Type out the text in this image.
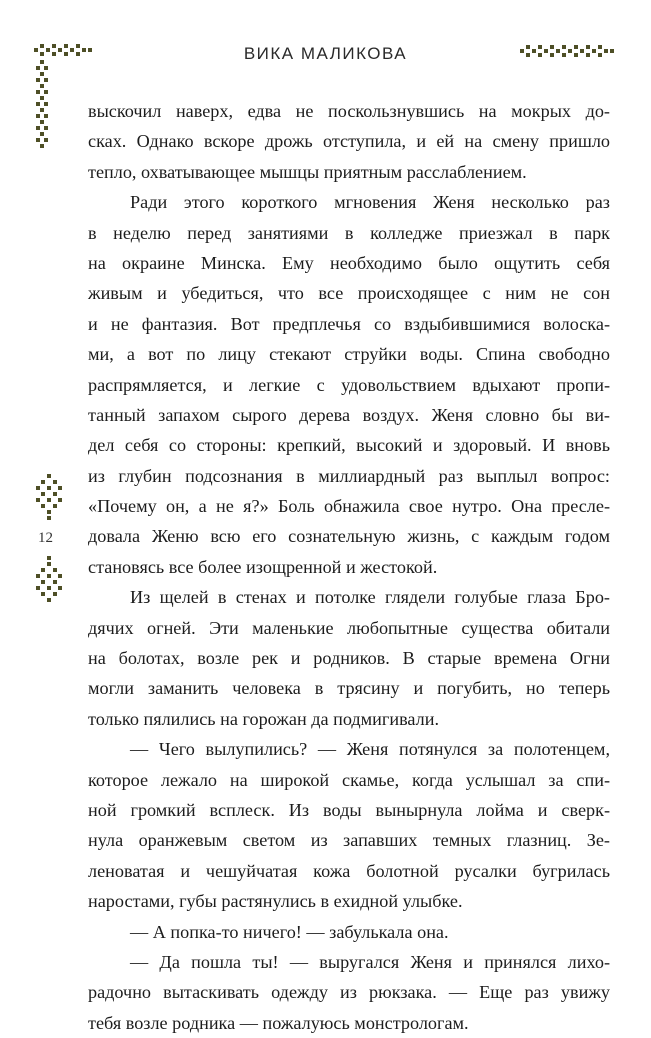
ВИКА МАЛИКОВА
12
выскочил наверх, едва не поскользнувшись на мокрых до-
сках. Однако вскоре дрожь отступила, и ей на смену пришло
тепло, охватывающее мышцы приятным расслаблением.
Ради этого короткого мгновения Женя несколько раз
в неделю перед занятиями в колледже приезжал в парк
на окраине Минска. Ему необходимо было ощутить себя
живым и убедиться, что все происходящее с ним не сон
и не фантазия. Вот предплечья со вздыбившимися волоска-
ми, а вот по лицу стекают струйки воды. Спина свободно
распрямляется, и легкие с удовольствием вдыхают пропи-
танный запахом сырого дерева воздух. Женя словно бы ви-
дел себя со стороны: крепкий, высокий и здоровый. И вновь
из глубин подсознания в миллиардный раз выплыл вопрос:
«Почему он, а не я?» Боль обнажила свое нутро. Она пресле-
довала Женю всю его сознательную жизнь, с каждым годом
становясь все более изощренной и жестокой.
Из щелей в стенах и потолке глядели голубые глаза Бро-
дячих огней. Эти маленькие любопытные существа обитали
на болотах, возле рек и родников. В старые времена Огни
могли заманить человека в трясину и погубить, но теперь
только пялились на горожан да подмигивали.
— Чего вылупились? — Женя потянулся за полотенцем,
которое лежало на широкой скамье, когда услышал за спи-
ной громкий всплеск. Из воды вынырнула лойма и сверк-
нула оранжевым светом из запавших темных глазниц. Зе-
леноватая и чешуйчатая кожа болотной русалки бугрилась
наростами, губы растянулись в ехидной улыбке.
— А попка-то ничего! — забулькала она.
— Да пошла ты! — выругался Женя и принялся лихо-
радочно вытаскивать одежду из рюкзака. — Еще раз увижу
тебя возле родника — пожалуюсь монстрологам.
